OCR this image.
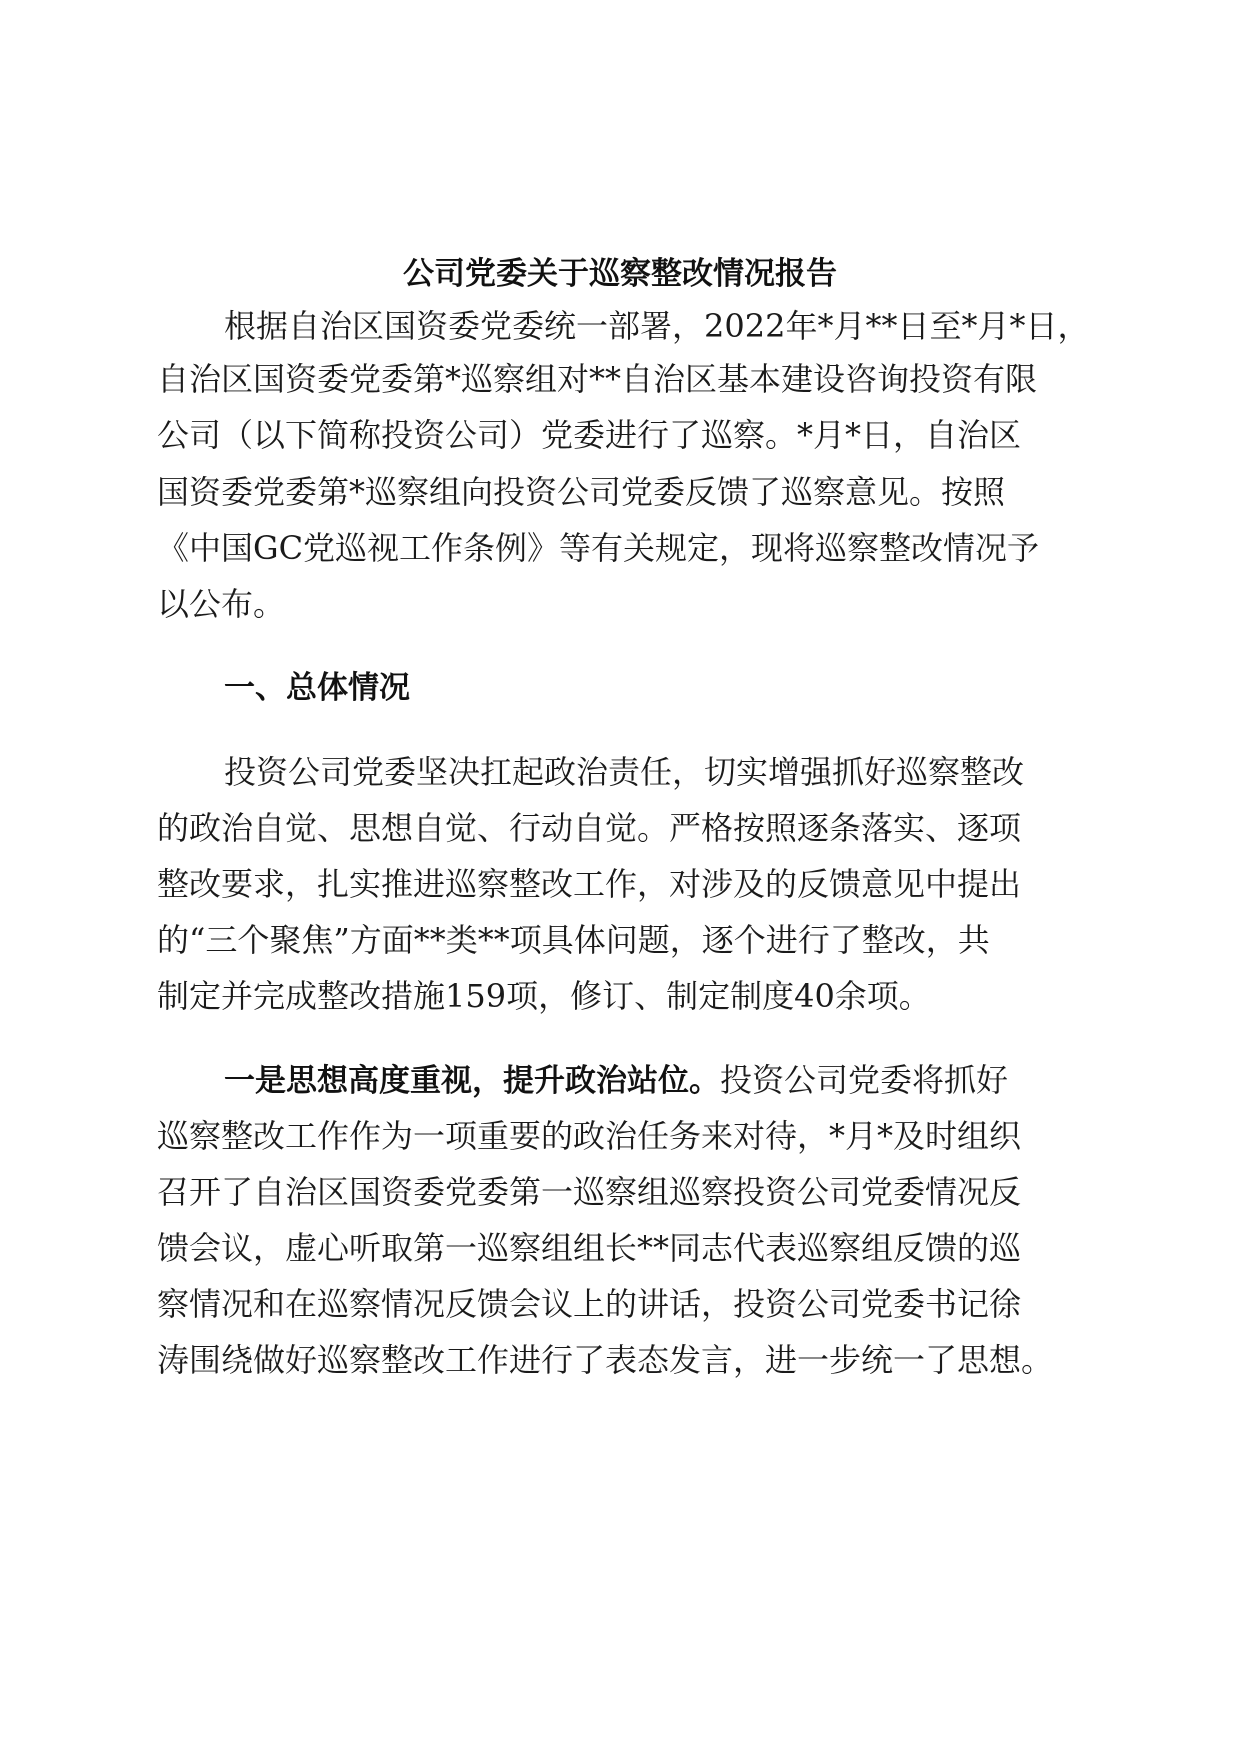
公司党委关于巡察整改情况报告

根据自治区国资委党委统一部署，2022年*月**日至*月*日，

自治区国资委党委第*巡察组对**自治区基本建设咨询投资有限

公司（以下简称投资公司）党委进行了巡察。*月*日，自治区

国资委党委第*巡察组向投资公司党委反馈了巡察意见。按照

《中国GC党巡视工作条例》等有关规定，现将巡察整改情况予

以公布。

一、总体情况

投资公司党委坚决扛起政治责任，切实增强抓好巡察整改

的政治自觉、思想自觉、行动自觉。严格按照逐条落实、逐项

整改要求，扎实推进巡察整改工作，对涉及的反馈意见中提出

的“三个聚焦”方面**类**项具体问题，逐个进行了整改，共

制定并完成整改措施159项，修订、制定制度40余项。

一是思想高度重视，提升政治站位。投资公司党委将抓好

巡察整改工作作为一项重要的政治任务来对待，*月*及时组织

召开了自治区国资委党委第一巡察组巡察投资公司党委情况反

馈会议，虚心听取第一巡察组组长**同志代表巡察组反馈的巡

察情况和在巡察情况反馈会议上的讲话，投资公司党委书记徐

涛围绕做好巡察整改工作进行了表态发言，进一步统一了思想。
